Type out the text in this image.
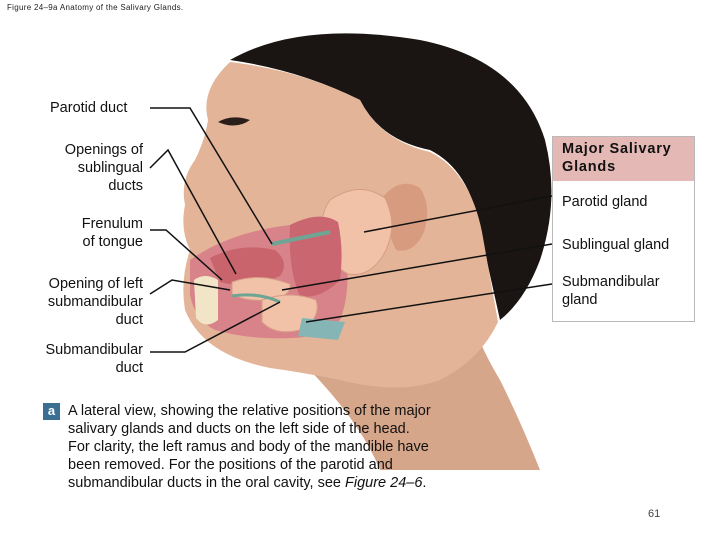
Figure 24–9a Anatomy of the Salivary Glands.
Parotid duct
Openings of
sublingual
ducts
Frenulum
of tongue
Opening of left
submandibular
duct
Submandibular
duct
Major Salivary
Glands
Parotid gland
Sublingual gland
Submandibular
gland
a A lateral view, showing the relative positions of the major
salivary glands and ducts on the left side of the head.
For clarity, the left ramus and body of the mandible have
been removed. For the positions of the parotid and
submandibular ducts in the oral cavity, see Figure 24–6.
61
